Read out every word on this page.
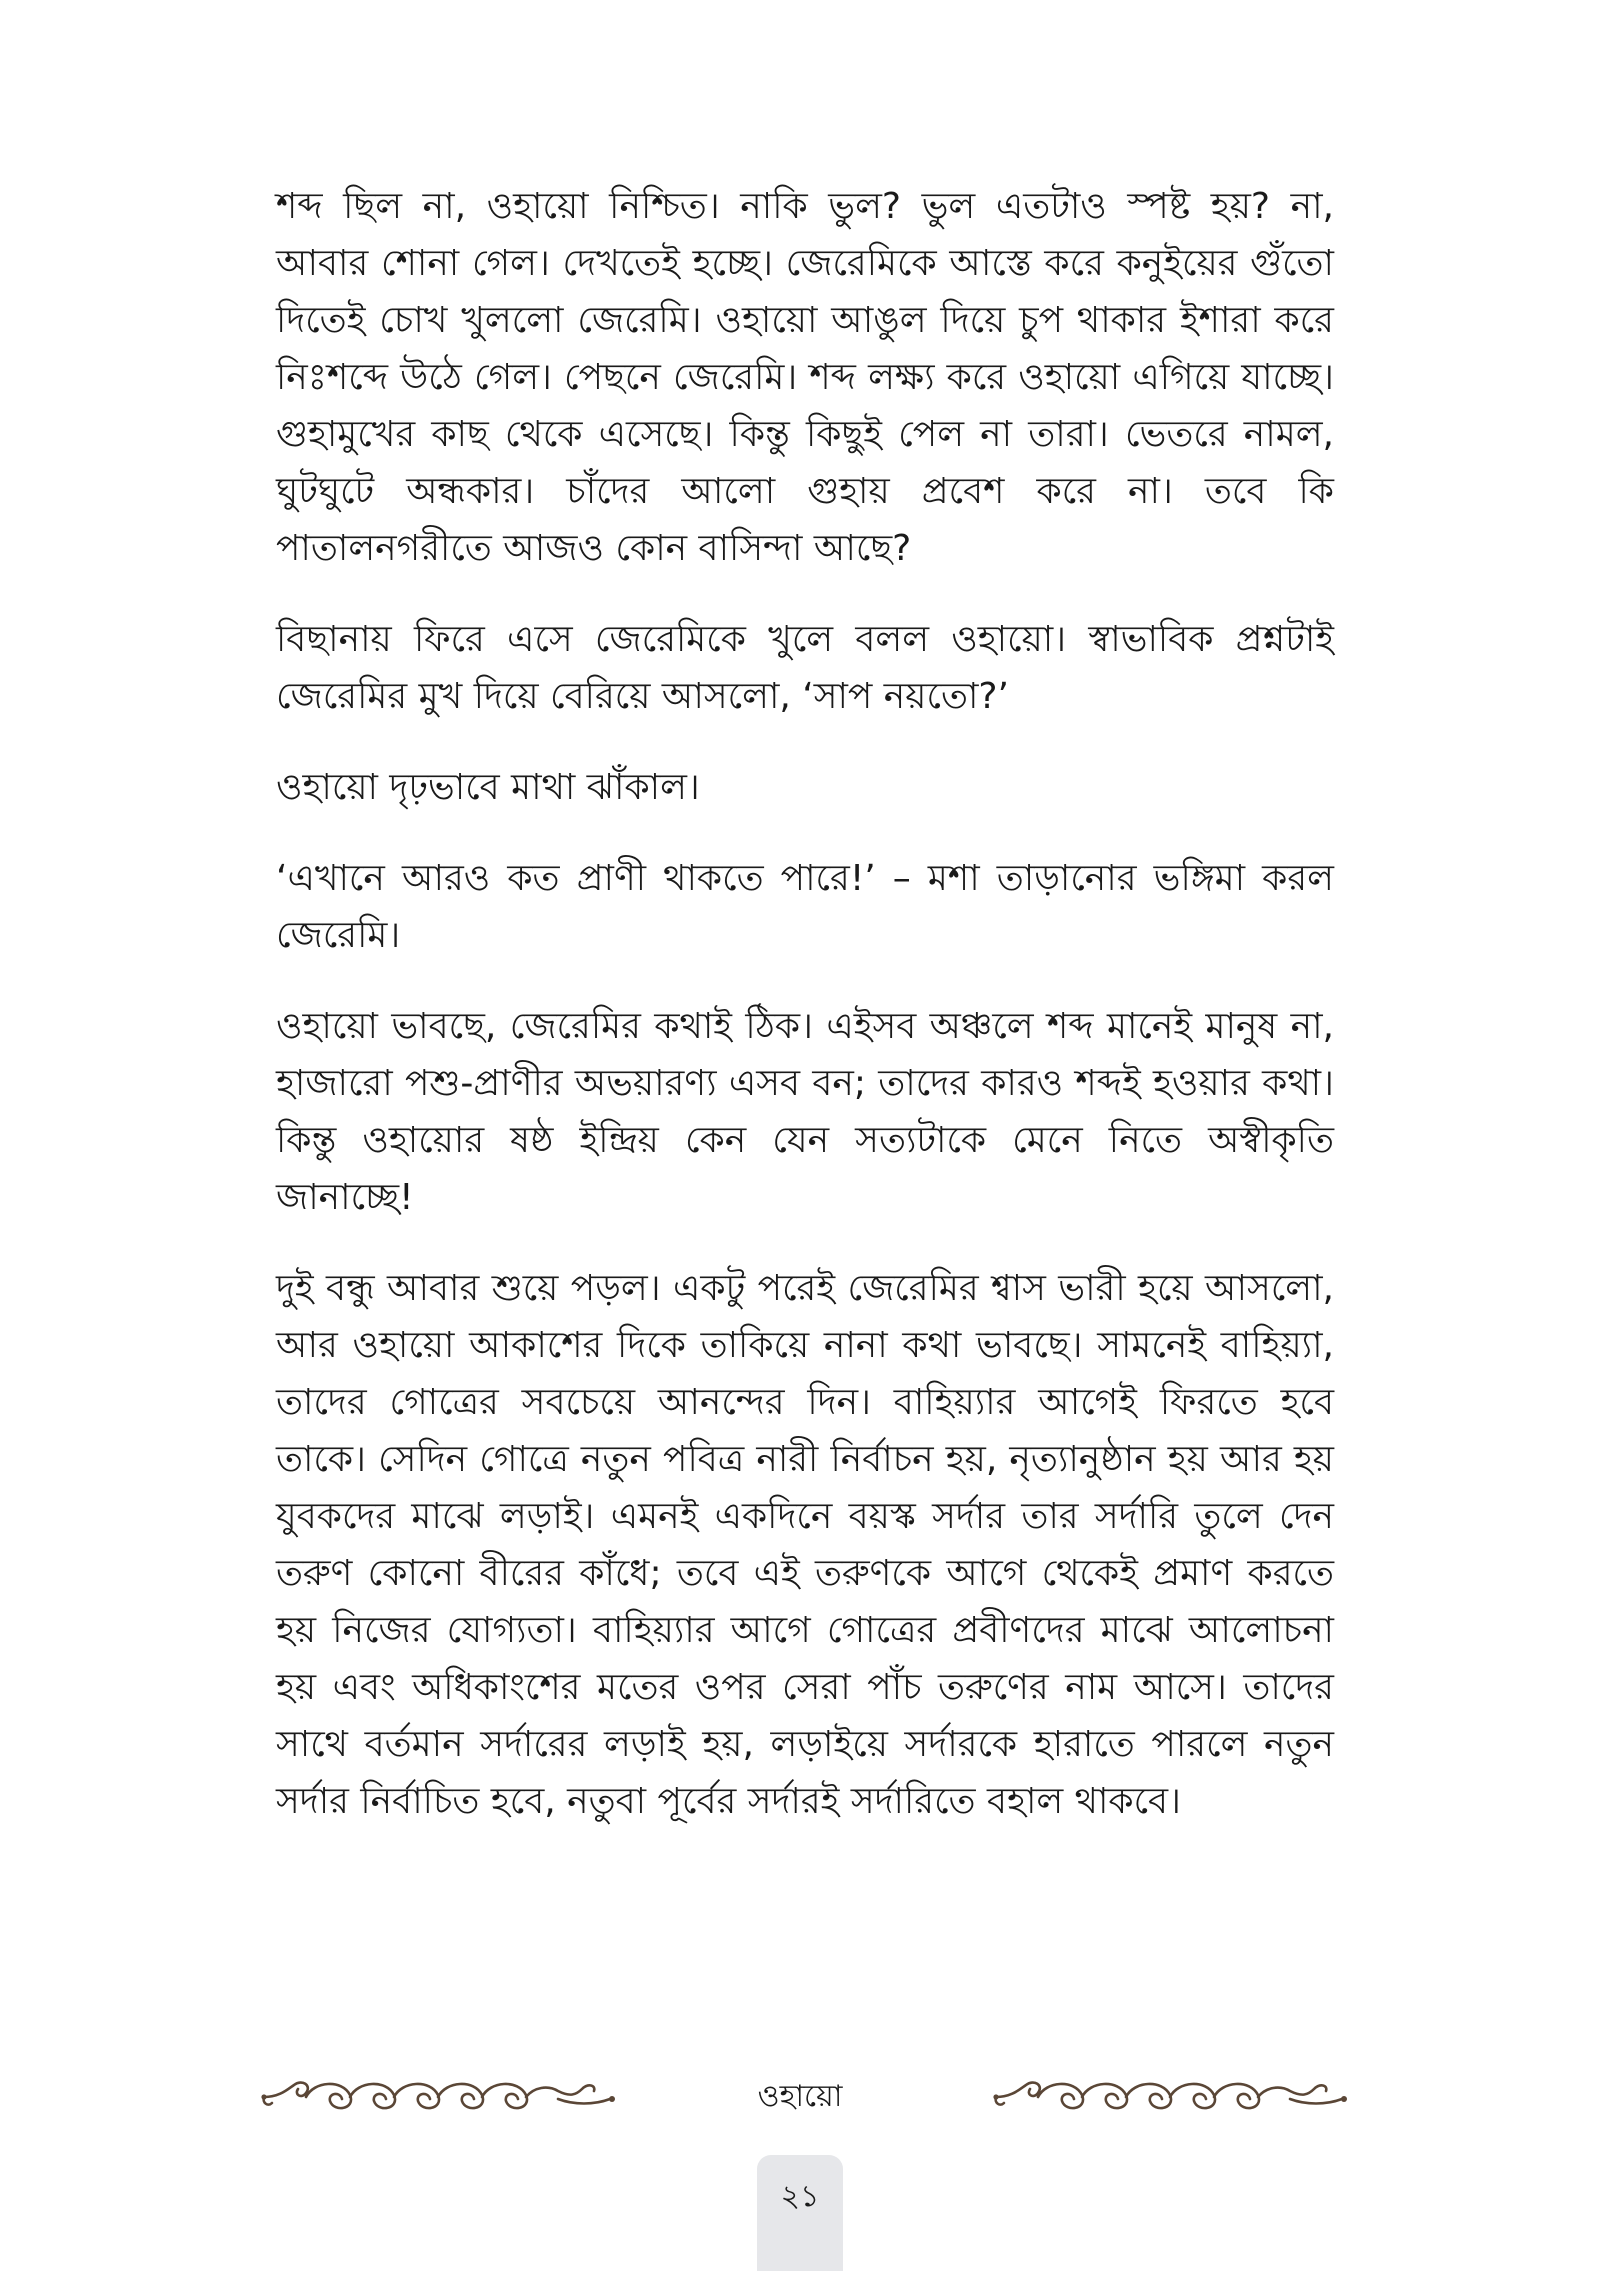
শব্দ ছিল না, ওহায়ো নিশ্চিত। নাকি ভুল? ভুল এতটাও স্পষ্ট হয়? না, আবার শোনা গেল। দেখতেই হচ্ছে। জেরেমিকে আস্তে করে কনুইয়ের গুঁতো দিতেই চোখ খুললো জেরেমি। ওহায়ো আঙুল দিয়ে চুপ থাকার ইশারা করে নিঃশব্দে উঠে গেল। পেছনে জেরেমি। শব্দ লক্ষ্য করে ওহায়ো এগিয়ে যাচ্ছে। গুহামুখের কাছ থেকে এসেছে। কিন্তু কিছুই পেল না তারা। ভেতরে নামল, ঘুটঘুটে অন্ধকার। চাঁদের আলো গুহায় প্রবেশ করে না। তবে কি পাতালনগরীতে আজও কোন বাসিন্দা আছে?

বিছানায় ফিরে এসে জেরেমিকে খুলে বলল ওহায়ো। স্বাভাবিক প্রশ্নটাই জেরেমির মুখ দিয়ে বেরিয়ে আসলো, ‘সাপ নয়তো?’

ওহায়ো দৃঢ়ভাবে মাথা ঝাঁকাল।

‘এখানে আরও কত প্রাণী থাকতে পারে!’ – মশা তাড়ানোর ভঙ্গিমা করল জেরেমি।

ওহায়ো ভাবছে, জেরেমির কথাই ঠিক। এইসব অঞ্চলে শব্দ মানেই মানুষ না, হাজারো পশু-প্রাণীর অভয়ারণ্য এসব বন; তাদের কারও শব্দই হওয়ার কথা। কিন্তু ওহায়োর ষষ্ঠ ইন্দ্রিয় কেন যেন সত্যটাকে মেনে নিতে অস্বীকৃতি জানাচ্ছে!

দুই বন্ধু আবার শুয়ে পড়ল। একটু পরেই জেরেমির শ্বাস ভারী হয়ে আসলো, আর ওহায়ো আকাশের দিকে তাকিয়ে নানা কথা ভাবছে। সামনেই বাহিয়্যা, তাদের গোত্রের সবচেয়ে আনন্দের দিন। বাহিয়্যার আগেই ফিরতে হবে তাকে। সেদিন গোত্রে নতুন পবিত্র নারী নির্বাচন হয়, নৃত্যানুষ্ঠান হয় আর হয় যুবকদের মাঝে লড়াই। এমনই একদিনে বয়স্ক সর্দার তার সর্দারি তুলে দেন তরুণ কোনো বীরের কাঁধে; তবে এই তরুণকে আগে থেকেই প্রমাণ করতে হয় নিজের যোগ্যতা। বাহিয়্যার আগে গোত্রের প্রবীণদের মাঝে আলোচনা হয় এবং অধিকাংশের মতের ওপর সেরা পাঁচ তরুণের নাম আসে। তাদের সাথে বর্তমান সর্দারের লড়াই হয়, লড়াইয়ে সর্দারকে হারাতে পারলে নতুন সর্দার নির্বাচিত হবে, নতুবা পূর্বের সর্দারই সর্দারিতে বহাল থাকবে।

ওহায়ো
২১
